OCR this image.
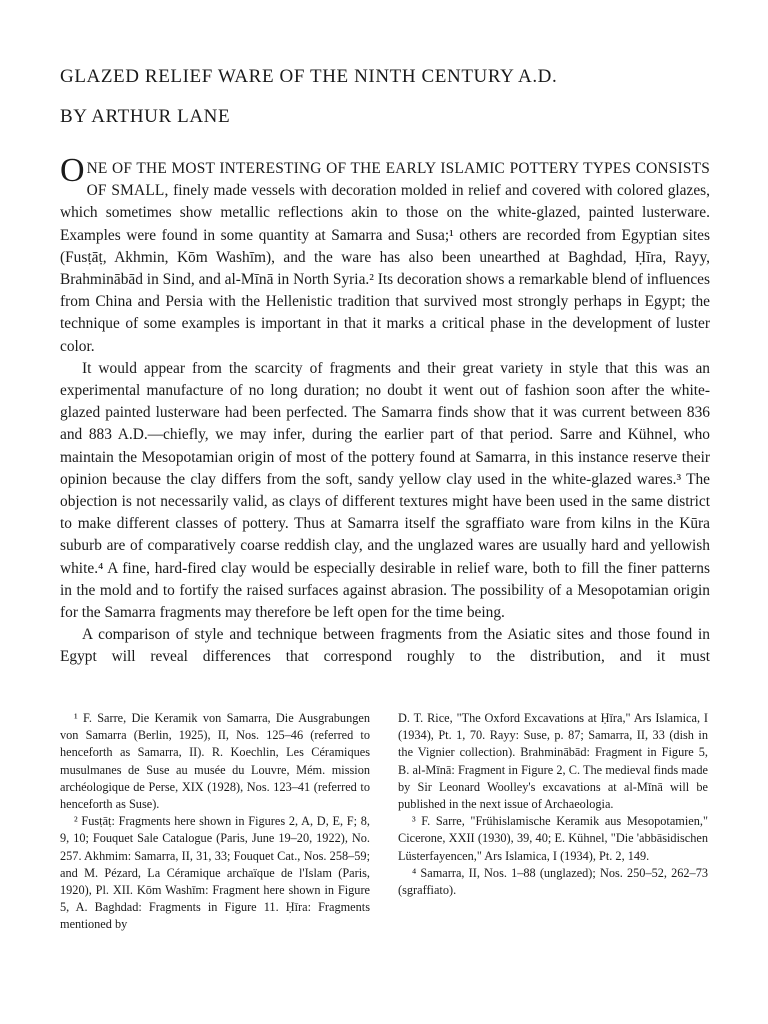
GLAZED RELIEF WARE OF THE NINTH CENTURY A.D.
BY ARTHUR LANE

ONE OF THE MOST INTERESTING OF THE EARLY ISLAMIC POTTERY TYPES CONSISTS OF SMALL, finely made vessels with decoration molded in relief and covered with colored glazes, which sometimes show metallic reflections akin to those on the white-glazed, painted lusterware. Examples were found in some quantity at Samarra and Susa;¹ others are recorded from Egyptian sites (Fusṭāṭ, Akhmin, Kōm Washīm), and the ware has also been unearthed at Baghdad, Ḥīra, Rayy, Brahminābād in Sind, and al-Mīnā in North Syria.² Its decoration shows a remarkable blend of influences from China and Persia with the Hellenistic tradition that survived most strongly perhaps in Egypt; the technique of some examples is important in that it marks a critical phase in the development of luster color.

It would appear from the scarcity of fragments and their great variety in style that this was an experimental manufacture of no long duration; no doubt it went out of fashion soon after the white-glazed painted lusterware had been perfected. The Samarra finds show that it was current between 836 and 883 A.D.—chiefly, we may infer, during the earlier part of that period. Sarre and Kühnel, who maintain the Mesopotamian origin of most of the pottery found at Samarra, in this instance reserve their opinion because the clay differs from the soft, sandy yellow clay used in the white-glazed wares.³ The objection is not necessarily valid, as clays of different textures might have been used in the same district to make different classes of pottery. Thus at Samarra itself the sgraffiato ware from kilns in the Kūra suburb are of comparatively coarse reddish clay, and the unglazed wares are usually hard and yellowish white.⁴ A fine, hard-fired clay would be especially desirable in relief ware, both to fill the finer patterns in the mold and to fortify the raised surfaces against abrasion. The possibility of a Mesopotamian origin for the Samarra fragments may therefore be left open for the time being.

A comparison of style and technique between fragments from the Asiatic sites and those found in Egypt will reveal differences that correspond roughly to the distribution, and it must

¹ F. Sarre, Die Keramik von Samarra, Die Ausgrabungen von Samarra (Berlin, 1925), II, Nos. 125–46 (referred to henceforth as Samarra, II). R. Koechlin, Les Céramiques musulmanes de Suse au musée du Louvre, Mém. mission archéologique de Perse, XIX (1928), Nos. 123–41 (referred to henceforth as Suse).

² Fusṭāṭ: Fragments here shown in Figures 2, A, D, E, F; 8, 9, 10; Fouquet Sale Catalogue (Paris, June 19–20, 1922), No. 257. Akhmim: Samarra, II, 31, 33; Fouquet Cat., Nos. 258–59; and M. Pézard, La Céramique archaïque de l'Islam (Paris, 1920), Pl. XII. Kōm Washīm: Fragment here shown in Figure 5, A. Baghdad: Fragments in Figure 11. Ḥīra: Fragments mentioned by

D. T. Rice, "The Oxford Excavations at Ḥīra," Ars Islamica, I (1934), Pt. 1, 70. Rayy: Suse, p. 87; Samarra, II, 33 (dish in the Vignier collection). Brahminābād: Fragment in Figure 5, B. al-Mīnā: Fragment in Figure 2, C. The medieval finds made by Sir Leonard Woolley's excavations at al-Mīnā will be published in the next issue of Archaeologia.

³ F. Sarre, "Frühislamische Keramik aus Mesopotamien," Cicerone, XXII (1930), 39, 40; E. Kühnel, "Die 'abbāsidischen Lüsterfayencen," Ars Islamica, I (1934), Pt. 2, 149.

⁴ Samarra, II, Nos. 1–88 (unglazed); Nos. 250–52, 262–73 (sgraffiato).
